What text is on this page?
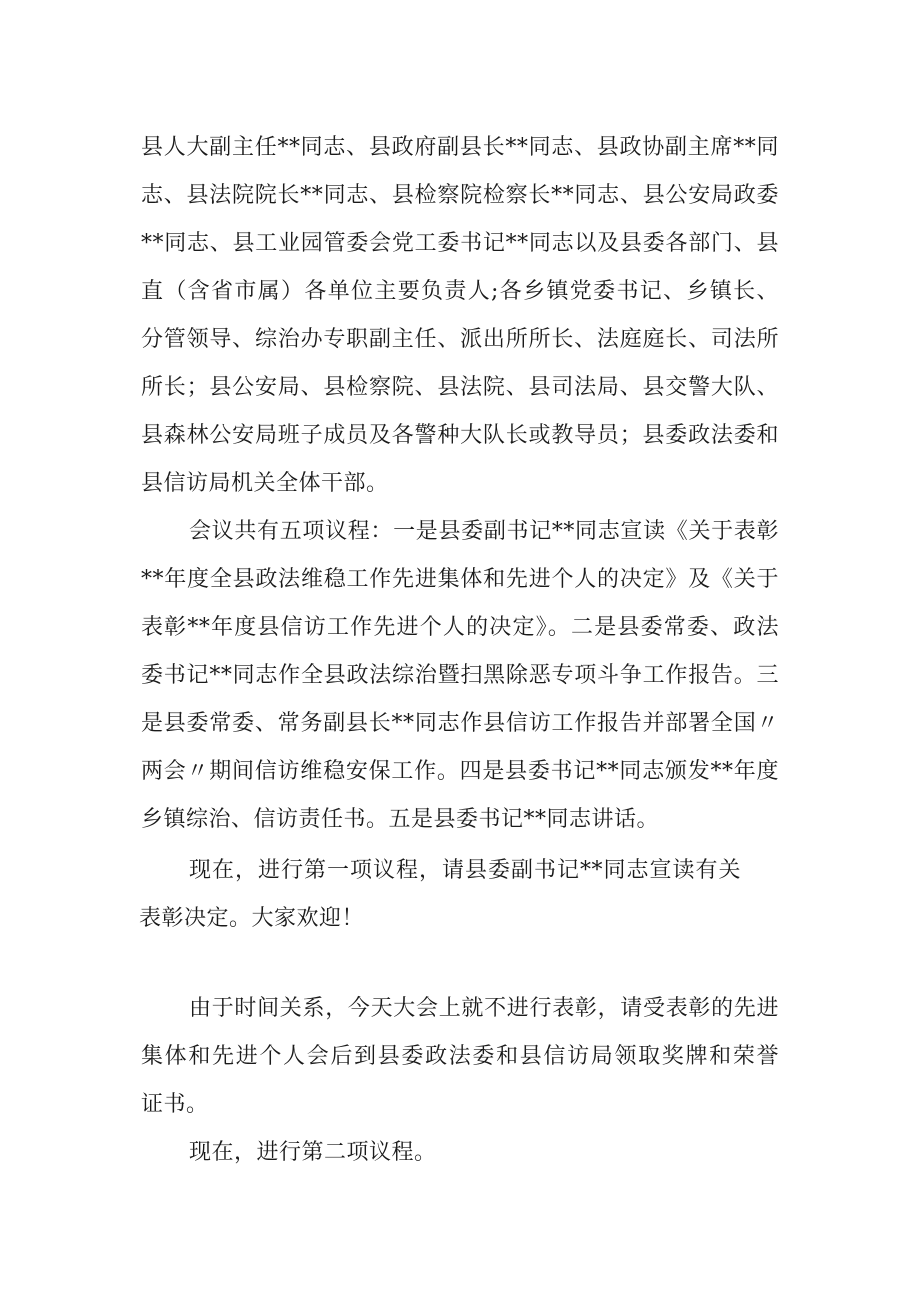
县人大副主任**同志、县政府副县长**同志、县政协副主席**同
志、县法院院长**同志、县检察院检察长**同志、县公安局政委
**同志、县工业园管委会党工委书记**同志以及县委各部门、县
直（含省市属）各单位主要负责人;各乡镇党委书记、乡镇长、
分管领导、综治办专职副主任、派出所所长、法庭庭长、司法所
所长；县公安局、县检察院、县法院、县司法局、县交警大队、
县森林公安局班子成员及各警种大队长或教导员；县委政法委和
县信访局机关全体干部。
会议共有五项议程：一是县委副书记**同志宣读《关于表彰
**年度全县政法维稳工作先进集体和先进个人的决定》及《关于
表彰**年度县信访工作先进个人的决定》。二是县委常委、政法
委书记**同志作全县政法综治暨扫黑除恶专项斗争工作报告。三
是县委常委、常务副县长**同志作县信访工作报告并部署全国〃
两会〃期间信访维稳安保工作。四是县委书记**同志颁发**年度
乡镇综治、信访责任书。五是县委书记**同志讲话。
现在，进行第一项议程，请县委副书记**同志宣读有关
表彰决定。大家欢迎！
由于时间关系，今天大会上就不进行表彰，请受表彰的先进
集体和先进个人会后到县委政法委和县信访局领取奖牌和荣誉
证书。
现在，进行第二项议程。
